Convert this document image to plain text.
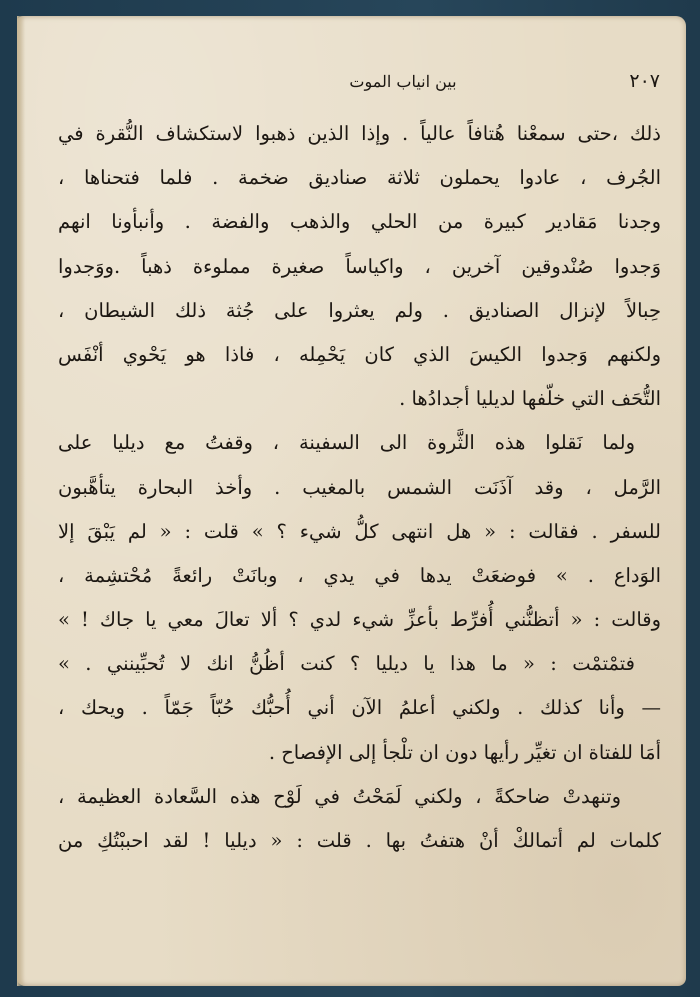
بين انياب الموت	٢٠٧
ذلك ،حتى سمعْنا هُتافاً عالياً . وإذا الذين ذهبوا لاستكشاف النُّقرة في
الجُرف ، عادوا يحملون ثلاثة صناديق ضخمة . فلما فتحناها ،
وجدنا مَقادير كبيرة من الحلي والذهب والفضة . وأنبأونا انهم
وَجدوا صُنْدوقين آخرين ، واكياساً صغيرة مملوءة ذهباً .ووَجدوا
حِبالاً لإنزال الصناديق . ولم يعثروا على جُثة ذلك الشيطان ،
ولكنهم وَجدوا الكيسَ الذي كان يَحْمِله ، فاذا هو يَحْوي أنْفَس
التُّحَف التي خلّفها لديليا أجدادُها .
ولما نَقلوا هذه الثَّروة الى السفينة ، وقفتُ مع ديليا على
الرَّمل ، وقد آذَنَت الشمس بالمغيب . وأخذ البحارة يتأهَّبون
للسفر . فقالت : « هل انتهى كلُّ شيء ؟ » قلت : « لم يَبْقَ إلا
الوَداع . » فوضعَتْ يدها في يدي ، وبانَتْ رائعةً مُحْتشِمة ،
وقالت : « أتظنُّني أُفرِّط بأعزِّ شيء لدي ؟ ألا تعالَ معي يا جاك ! »
فتمْتمْت : « ما هذا يا ديليا ؟ كنت أظُنُّ انك لا تُحبِّينني . »
— وأنا كذلك . ولكني أعلمُ الآن أني أُحبُّك حُبّاً جَمّاً . ويحك ،
أمَا للفتاة ان تغيِّر رأيها دون ان تلْجأ إلى الإفصاح .
وتنهدتْ ضاحكةً ، ولكني لَمَحْتُ في لَوْح هذه السَّعادة العظيمة ،
كلمات لم أتمالكْ أنْ هتفتُ بها . قلت : « ديليا ! لقد احببْتُكِ من
